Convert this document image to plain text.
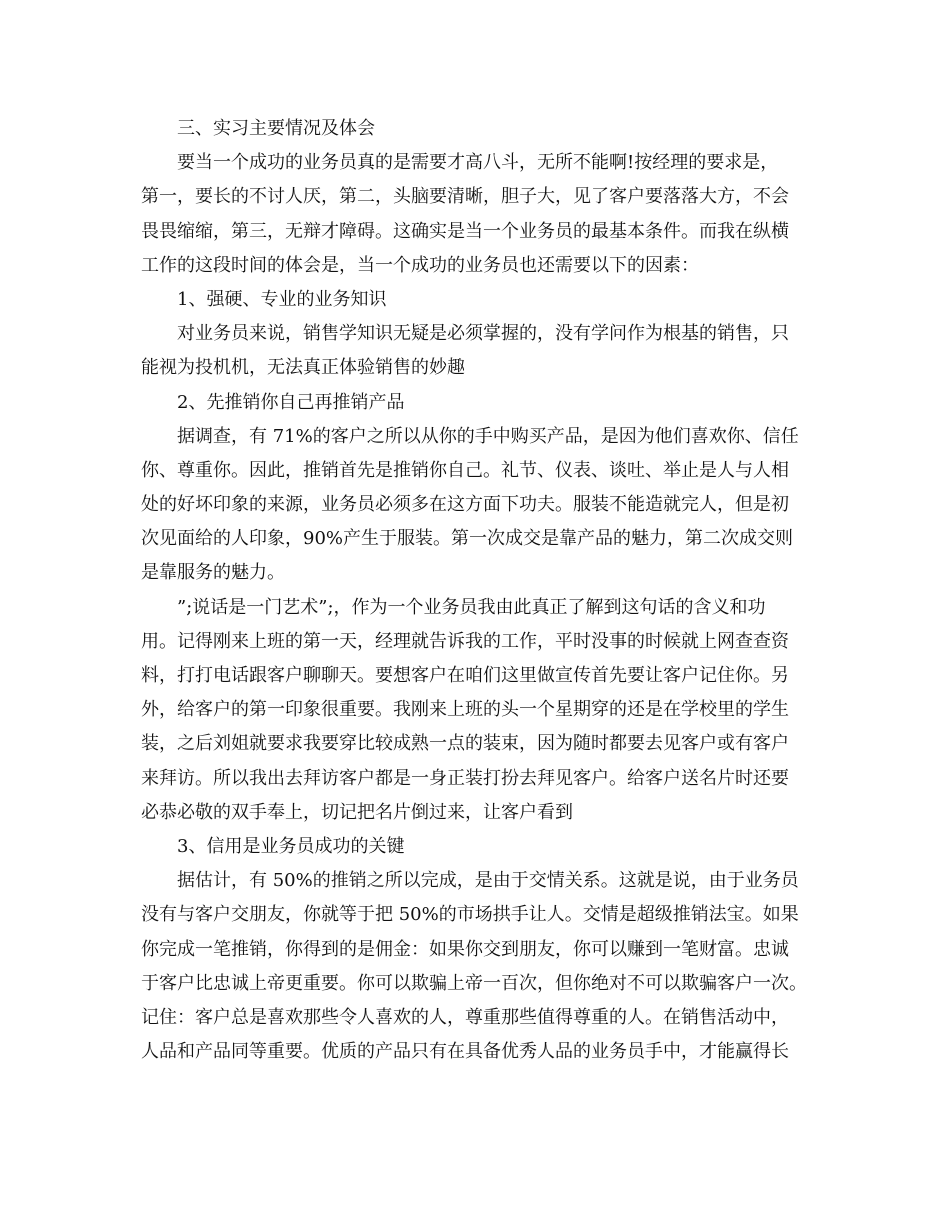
三、实习主要情况及体会
要当一个成功的业务员真的是需要才高八斗，无所不能啊!按经理的要求是，
第一，要长的不讨人厌，第二，头脑要清晰，胆子大，见了客户要落落大方，不会
畏畏缩缩，第三，无辩才障碍。这确实是当一个业务员的最基本条件。而我在纵横
工作的这段时间的体会是，当一个成功的业务员也还需要以下的因素：
1、强硬、专业的业务知识
对业务员来说，销售学知识无疑是必须掌握的，没有学问作为根基的销售，只
能视为投机机，无法真正体验销售的妙趣
2、先推销你自己再推销产品
据调查，有 71%的客户之所以从你的手中购买产品，是因为他们喜欢你、信任
你、尊重你。因此，推销首先是推销你自己。礼节、仪表、谈吐、举止是人与人相
处的好坏印象的来源，业务员必须多在这方面下功夫。服装不能造就完人，但是初
次见面给的人印象，90%产生于服装。第一次成交是靠产品的魅力，第二次成交则
是靠服务的魅力。
”;说话是一门艺术”;，作为一个业务员我由此真正了解到这句话的含义和功
用。记得刚来上班的第一天，经理就告诉我的工作，平时没事的时候就上网查查资
料，打打电话跟客户聊聊天。要想客户在咱们这里做宣传首先要让客户记住你。另
外，给客户的第一印象很重要。我刚来上班的头一个星期穿的还是在学校里的学生
装，之后刘姐就要求我要穿比较成熟一点的装束，因为随时都要去见客户或有客户
来拜访。所以我出去拜访客户都是一身正装打扮去拜见客户。给客户送名片时还要
必恭必敬的双手奉上，切记把名片倒过来，让客户看到
3、信用是业务员成功的关键
据估计，有 50%的推销之所以完成，是由于交情关系。这就是说，由于业务员
没有与客户交朋友，你就等于把 50%的市场拱手让人。交情是超级推销法宝。如果
你完成一笔推销，你得到的是佣金：如果你交到朋友，你可以赚到一笔财富。忠诚
于客户比忠诚上帝更重要。你可以欺骗上帝一百次，但你绝对不可以欺骗客户一次。
记住：客户总是喜欢那些令人喜欢的人，尊重那些值得尊重的人。在销售活动中，
人品和产品同等重要。优质的产品只有在具备优秀人品的业务员手中，才能赢得长
